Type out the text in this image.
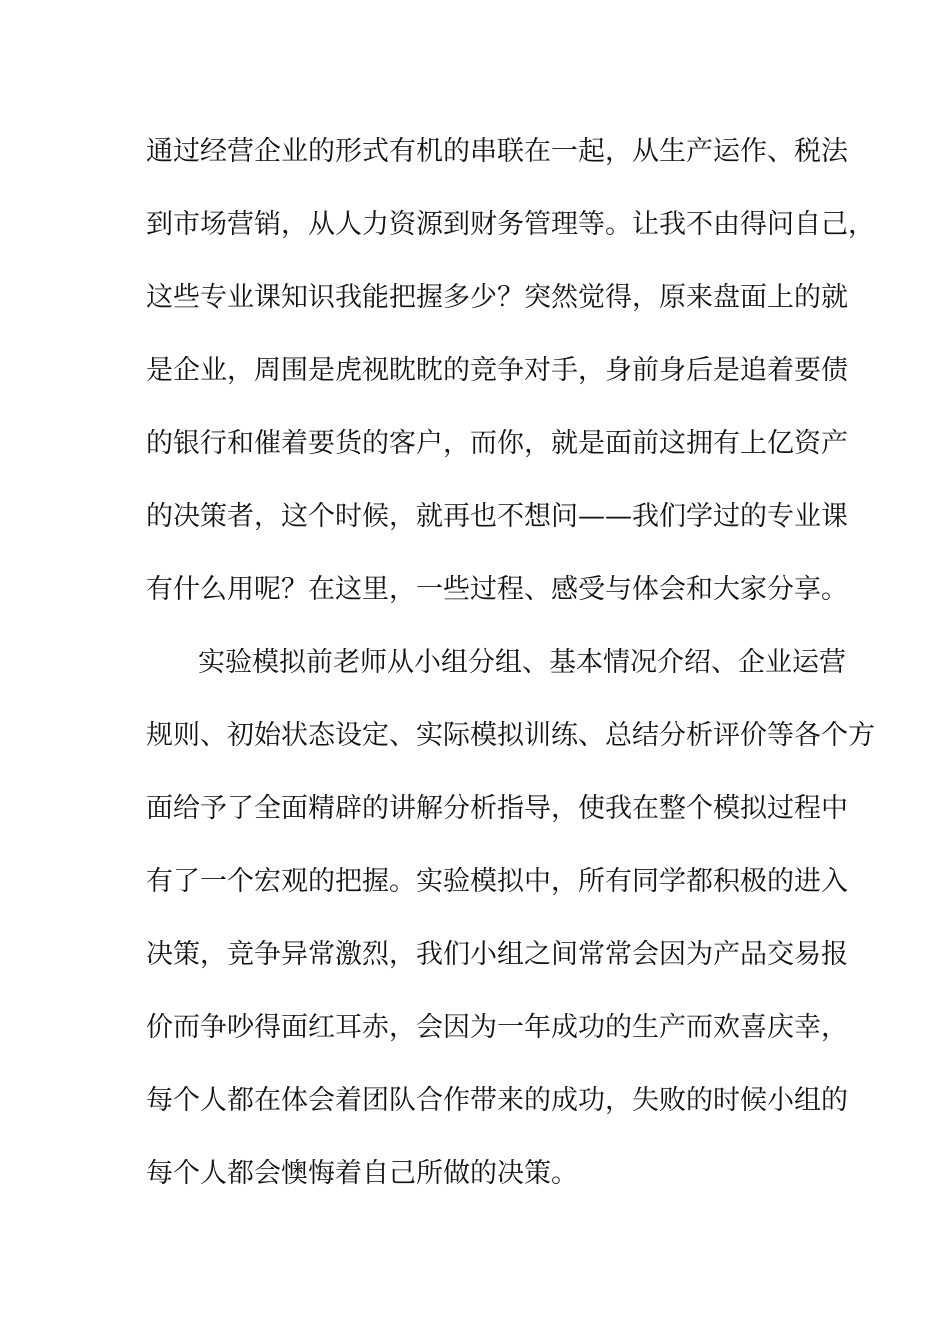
通过经营企业的形式有机的串联在一起，从生产运作、税法
到市场营销，从人力资源到财务管理等。让我不由得问自己，
这些专业课知识我能把握多少？突然觉得，原来盘面上的就
是企业，周围是虎视眈眈的竞争对手，身前身后是追着要债
的银行和催着要货的客户，而你，就是面前这拥有上亿资产
的决策者，这个时候，就再也不想问——我们学过的专业课
有什么用呢？在这里，一些过程、感受与体会和大家分享。
实验模拟前老师从小组分组、基本情况介绍、企业运营
规则、初始状态设定、实际模拟训练、总结分析评价等各个方
面给予了全面精辟的讲解分析指导，使我在整个模拟过程中
有了一个宏观的把握。实验模拟中，所有同学都积极的进入
决策，竞争异常激烈，我们小组之间常常会因为产品交易报
价而争吵得面红耳赤，会因为一年成功的生产而欢喜庆幸，
每个人都在体会着团队合作带来的成功，失败的时候小组的
每个人都会懊悔着自己所做的决策。
